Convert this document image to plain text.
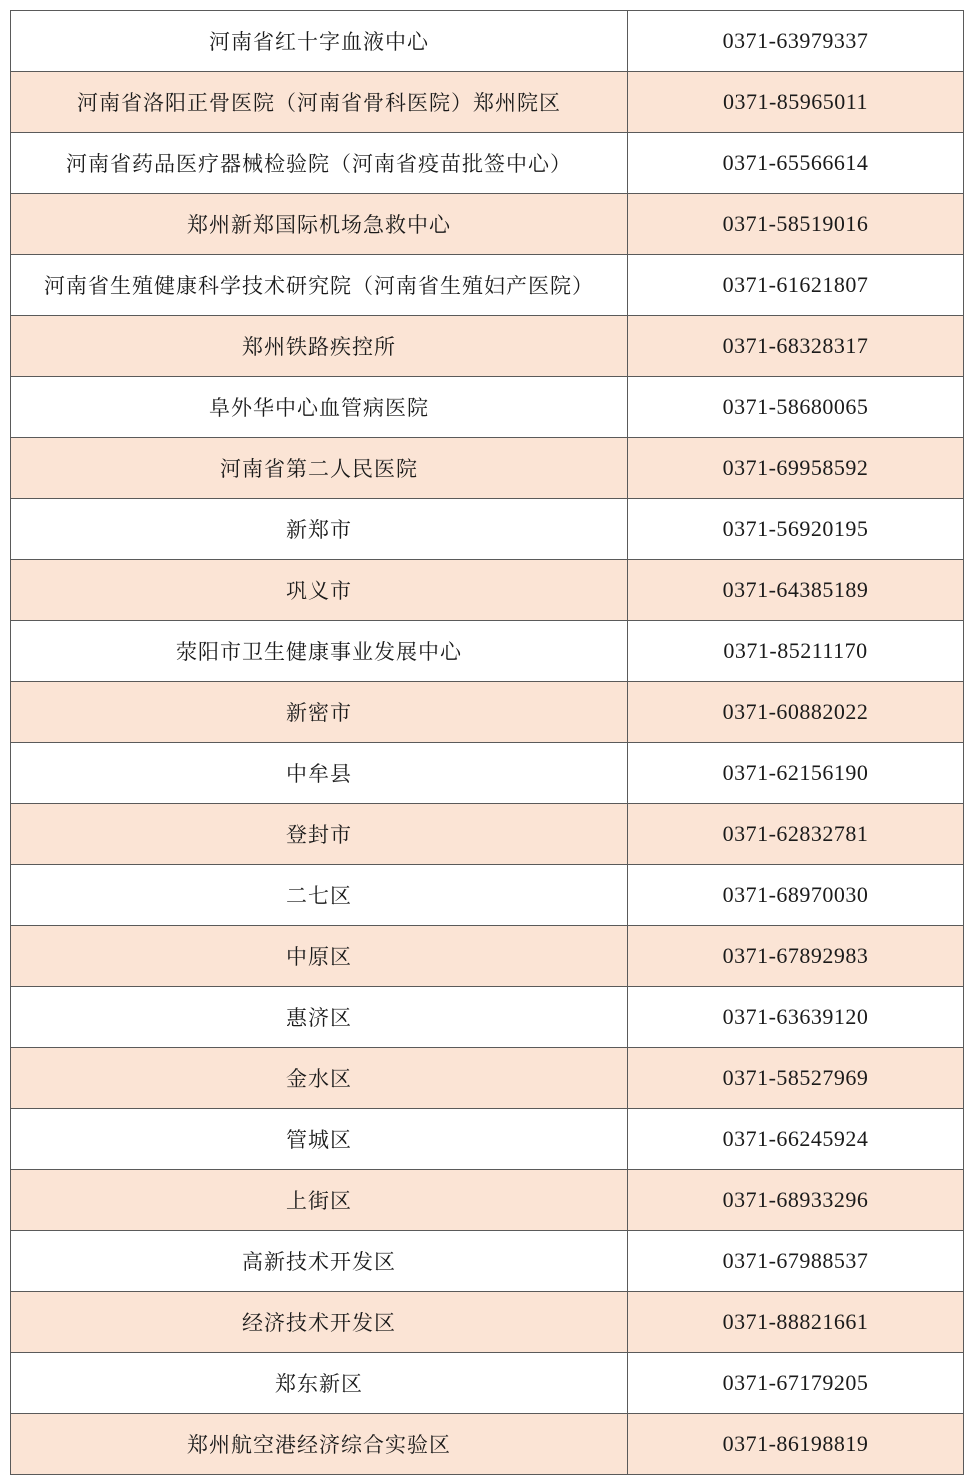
河南省红十字血液中心	0371-63979337
河南省洛阳正骨医院（河南省骨科医院）郑州院区	0371-85965011
河南省药品医疗器械检验院（河南省疫苗批签中心）	0371-65566614
郑州新郑国际机场急救中心	0371-58519016
河南省生殖健康科学技术研究院（河南省生殖妇产医院）	0371-61621807
郑州铁路疾控所	0371-68328317
阜外华中心血管病医院	0371-58680065
河南省第二人民医院	0371-69958592
新郑市	0371-56920195
巩义市	0371-64385189
荥阳市卫生健康事业发展中心	0371-85211170
新密市	0371-60882022
中牟县	0371-62156190
登封市	0371-62832781
二七区	0371-68970030
中原区	0371-67892983
惠济区	0371-63639120
金水区	0371-58527969
管城区	0371-66245924
上街区	0371-68933296
高新技术开发区	0371-67988537
经济技术开发区	0371-88821661
郑东新区	0371-67179205
郑州航空港经济综合实验区	0371-86198819
